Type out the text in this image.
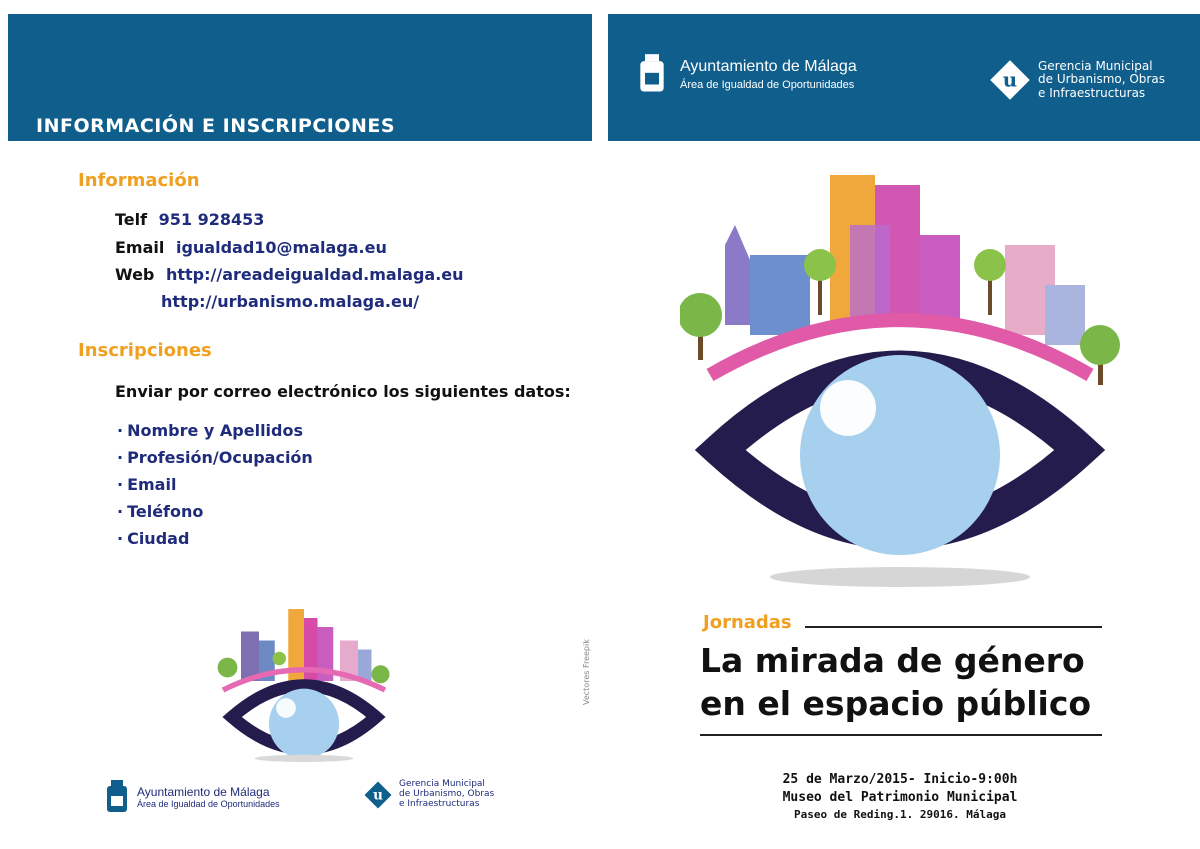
INFORMACIÓN E INSCRIPCIONES
Información
Telf 951 928453
Email igualdad10@malaga.eu
Web http://areadeigualdad.malaga.eu
http://urbanismo.malaga.eu/
Inscripciones
Enviar por correo electrónico los siguientes datos:
· Nombre y Apellidos
· Profesión/Ocupación
· Email
· Teléfono
· Ciudad
Vectores Freepik
Ayuntamiento de Málaga
Área de Igualdad de Oportunidades
u
Gerencia Municipal
de Urbanismo, Obras
e Infraestructuras
Ayuntamiento de Málaga
Área de Igualdad de Oportunidades	u
Gerencia Municipal
de Urbanismo, Obras
e Infraestructuras
Jornadas
La mirada de género
en el espacio público
25 de Marzo/2015- Inicio-9:00h
Museo del Patrimonio Municipal
Paseo de Reding.1. 29016. Málaga
